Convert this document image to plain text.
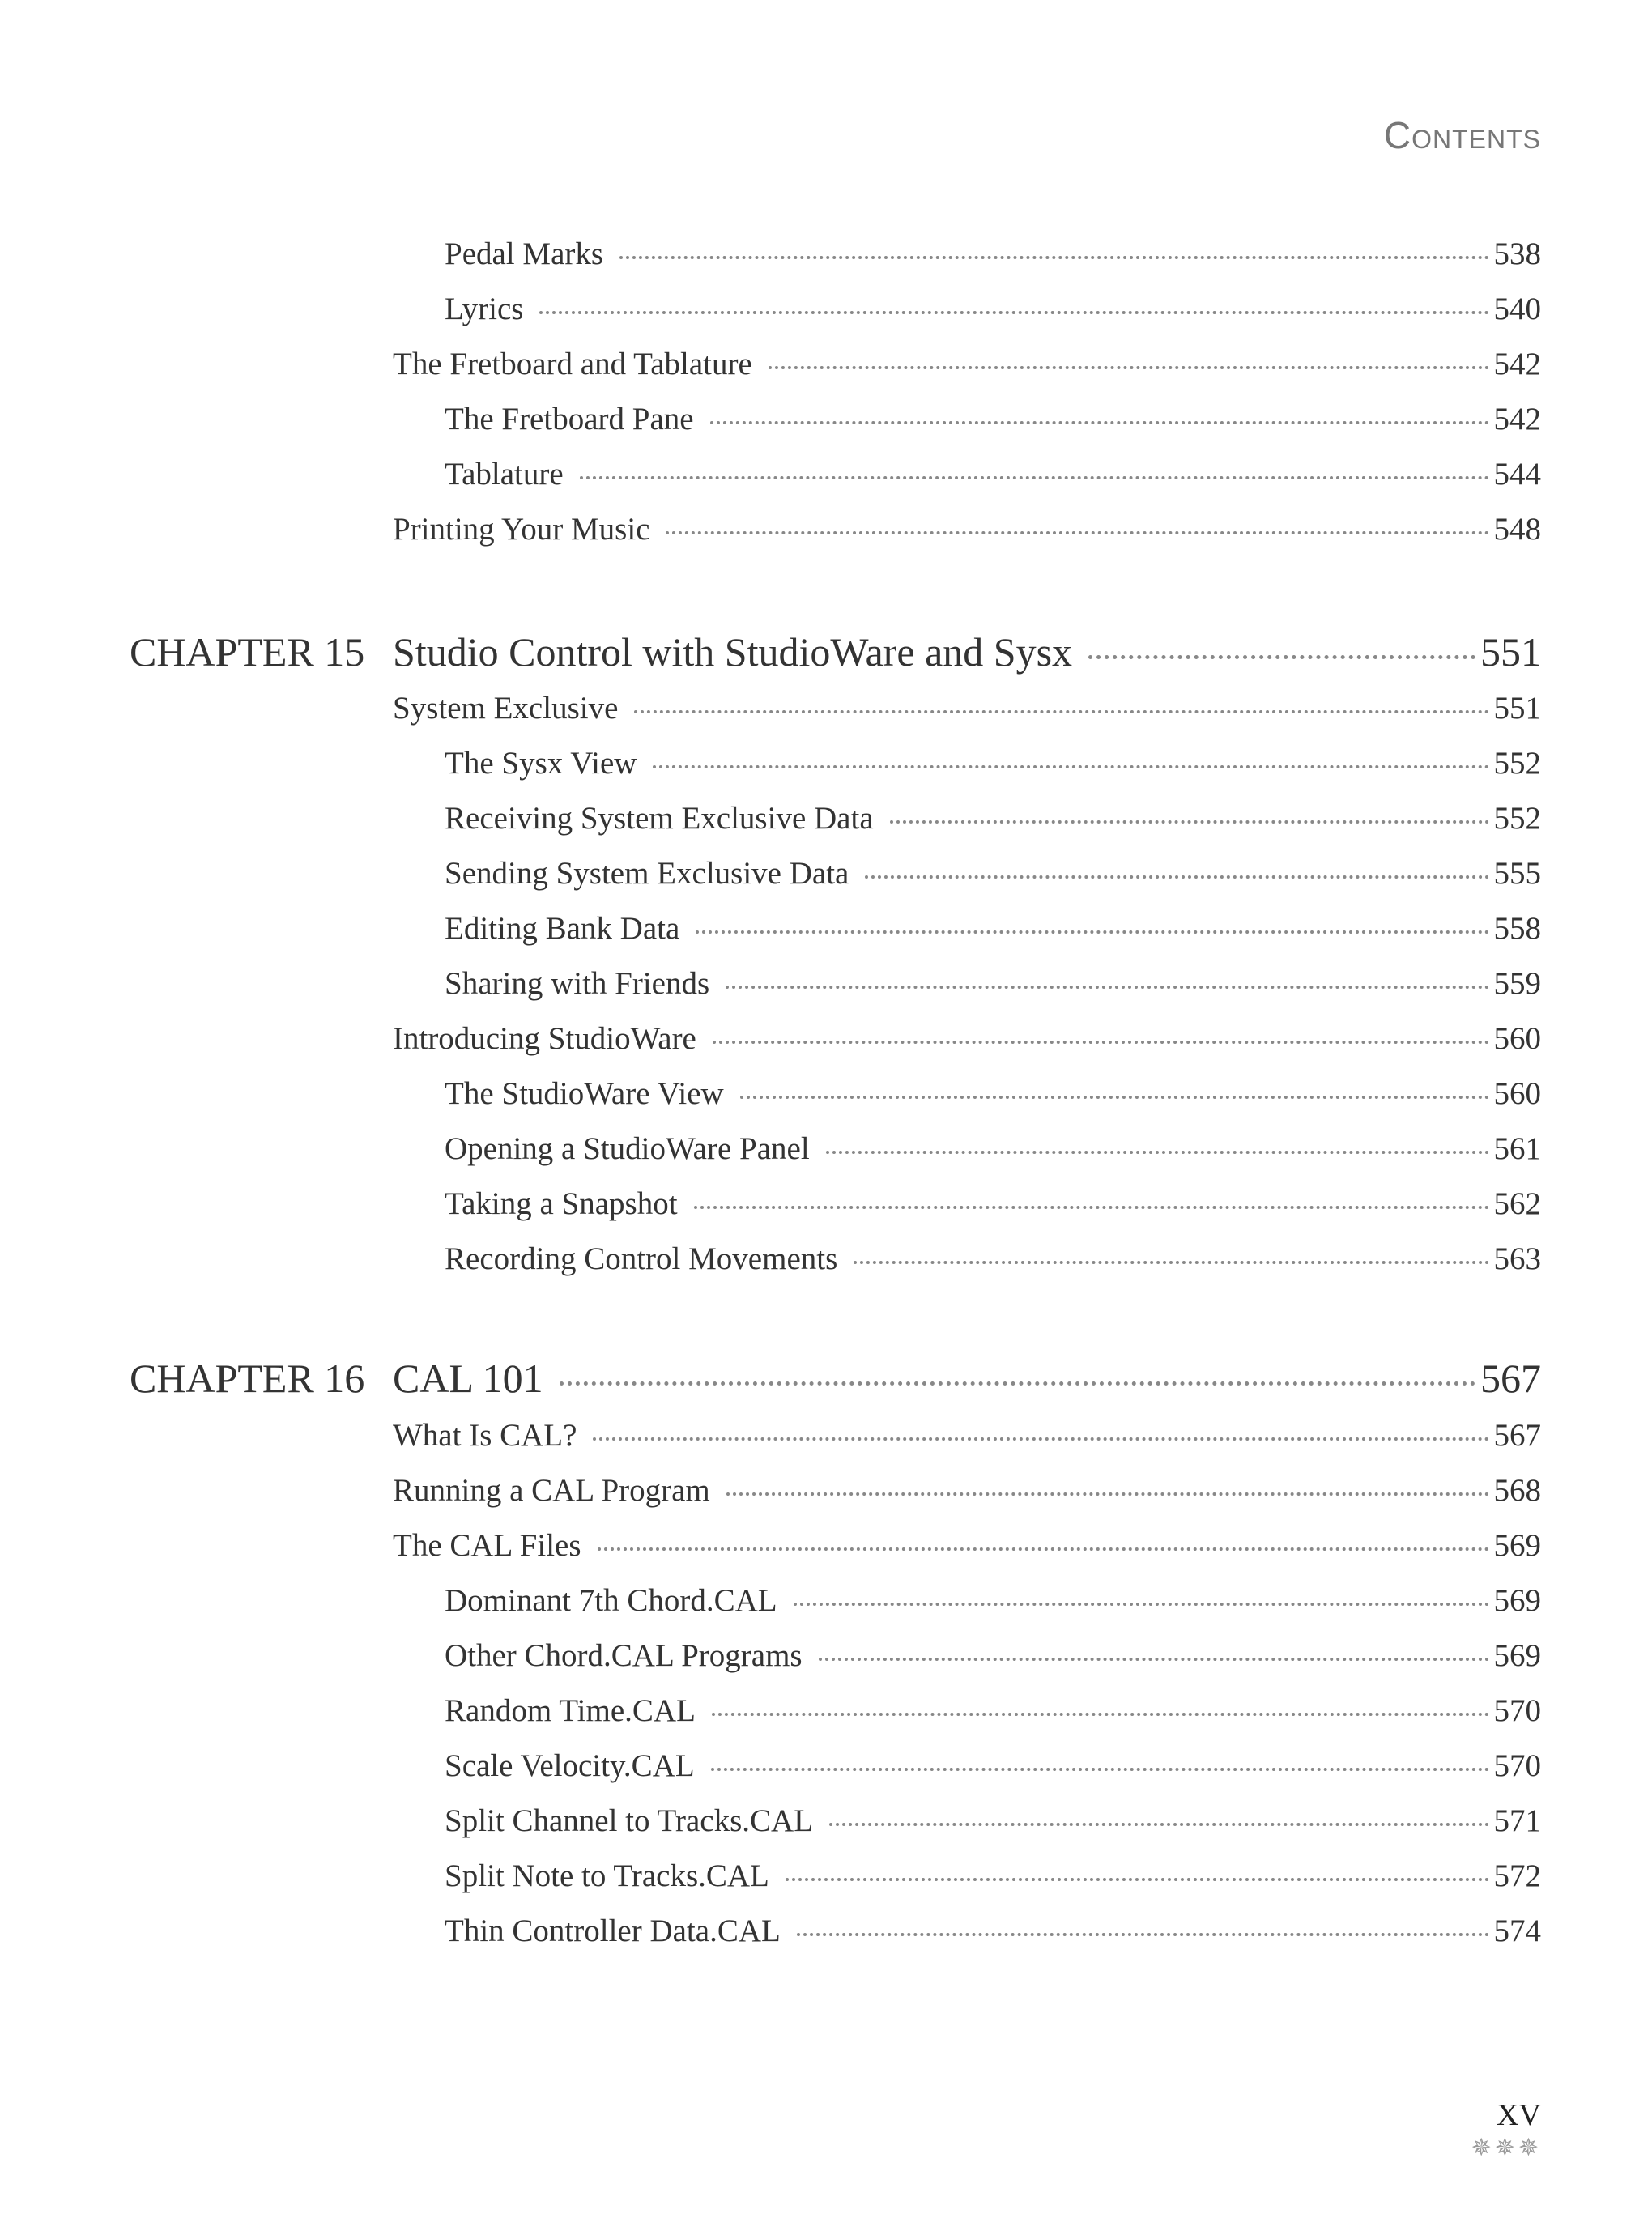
Contents
Pedal Marks	538
Lyrics	540
The Fretboard and Tablature	542
The Fretboard Pane	542
Tablature	544
Printing Your Music	548
CHAPTER 15 Studio Control with StudioWare and Sysx	551
System Exclusive	551
The Sysx View	552
Receiving System Exclusive Data	552
Sending System Exclusive Data	555
Editing Bank Data	558
Sharing with Friends	559
Introducing StudioWare	560
The StudioWare View	560
Opening a StudioWare Panel	561
Taking a Snapshot	562
Recording Control Movements	563
CHAPTER 16 CAL 101	567
What Is CAL?	567
Running a CAL Program	568
The CAL Files	569
Dominant 7th Chord.CAL	569
Other Chord.CAL Programs	569
Random Time.CAL	570
Scale Velocity.CAL	570
Split Channel to Tracks.CAL	571
Split Note to Tracks.CAL	572
Thin Controller Data.CAL	574
xv
✵✵✵
